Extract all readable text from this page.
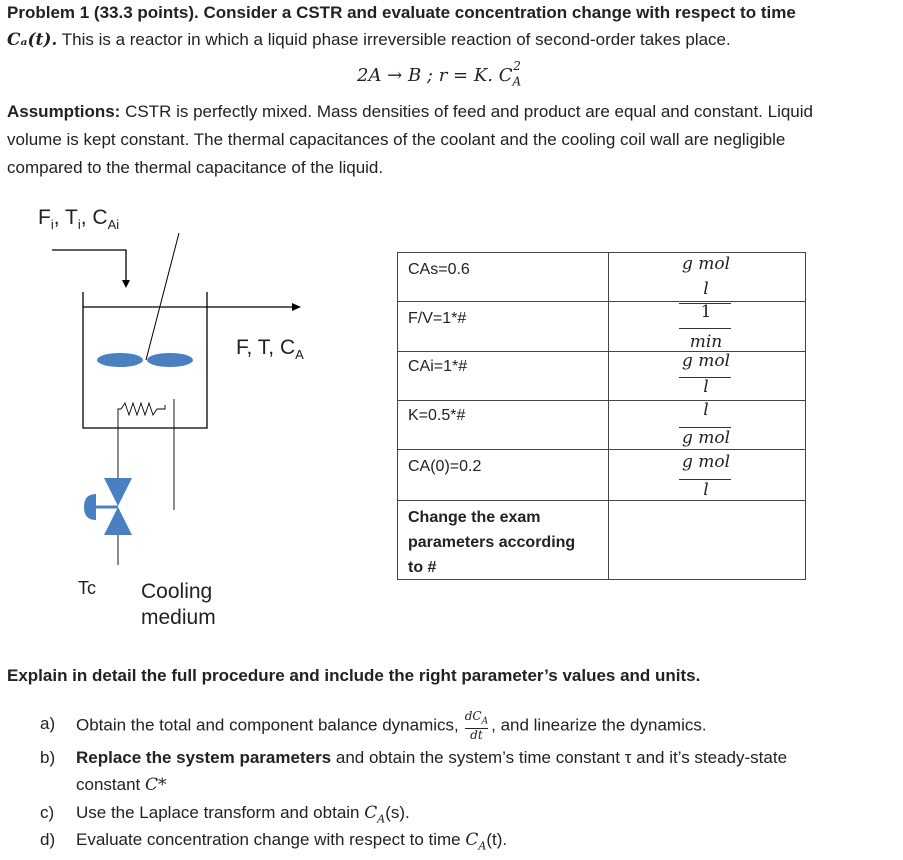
Problem 1 (33.3 points). Consider a CSTR and evaluate concentration change with respect to time
Cₐ(t). This is a reactor in which a liquid phase irreversible reaction of second-order takes place.
2A → B ; r = K. $C_A^2$
Assumptions: CSTR is perfectly mixed. Mass densities of feed and product are equal and constant. Liquid
volume is kept constant. The thermal capacitances of the coolant and the cooling coil wall are negligible
compared to the thermal capacitance of the liquid.
$F_i$, $T_i$, $C_{Ai}$
F, T, $C_A$
Tc Cooling
medium
CAs=0.6
F/V=1*#
CAi=1*#
K=0.5*#
CA(0)=0.2
Change the exam
parameters according
to #
g mol
l
1
min
g mol
l
l
g mol
g mol
l
Explain in detail the full procedure and include the right parameter’s values and units.
a) Obtain the total and component balance dynamics, $dC_A$
dt
, and linearize the dynamics.
b) Replace the system parameters and obtain the system’s time constant τ and it’s steady-state
constant C*
c) Use the Laplace transform and obtain $C_A(s)$.
d) Evaluate concentration change with respect to time $C_A(t)$.
